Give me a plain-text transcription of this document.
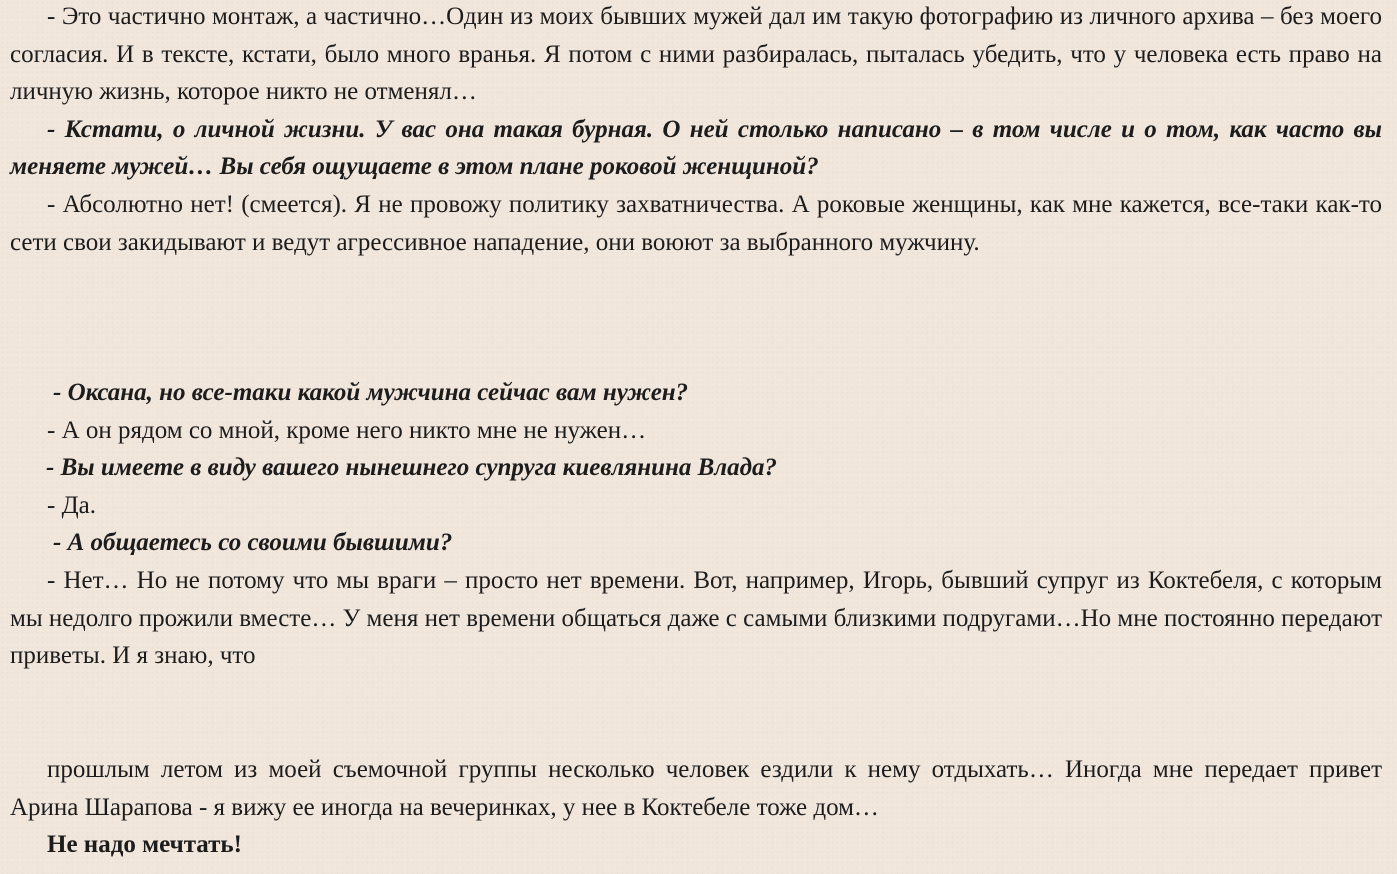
- Это частично монтаж, а частично…Один из моих бывших мужей дал им такую фотографию из личного архива – без моего согласия. И в тексте, кстати, было много вранья. Я потом с ними разбиралась, пыталась убедить, что у человека есть право на личную жизнь, которое никто не отменял…

- Кстати, о личной жизни. У вас она такая бурная. О ней столько написано – в том числе и о том, как часто вы меняете мужей… Вы себя ощущаете в этом плане роковой женщиной?

- Абсолютно нет! (смеется). Я не провожу политику захватничества. А роковые женщины, как мне кажется, все-таки как-то сети свои закидывают и ведут агрессивное нападение, они воюют за выбранного мужчину.

- Оксана, но все-таки какой мужчина сейчас вам нужен?

- А он рядом со мной, кроме него никто мне не нужен…

- Вы имеете в виду вашего нынешнего супруга киевлянина Влада?

- Да.

- А общаетесь со своими бывшими?

- Нет… Но не потому что мы враги – просто нет времени. Вот, например, Игорь, бывший супруг из Коктебеля, с которым мы недолго прожили вместе… У меня нет времени общаться даже с самыми близкими подругами…Но мне постоянно передают приветы. И я знаю, что

прошлым летом из моей съемочной группы несколько человек ездили к нему отдыхать… Иногда мне передает привет Арина Шарапова - я вижу ее иногда на вечеринках, у нее в Коктебеле тоже дом…

Не надо мечтать!
